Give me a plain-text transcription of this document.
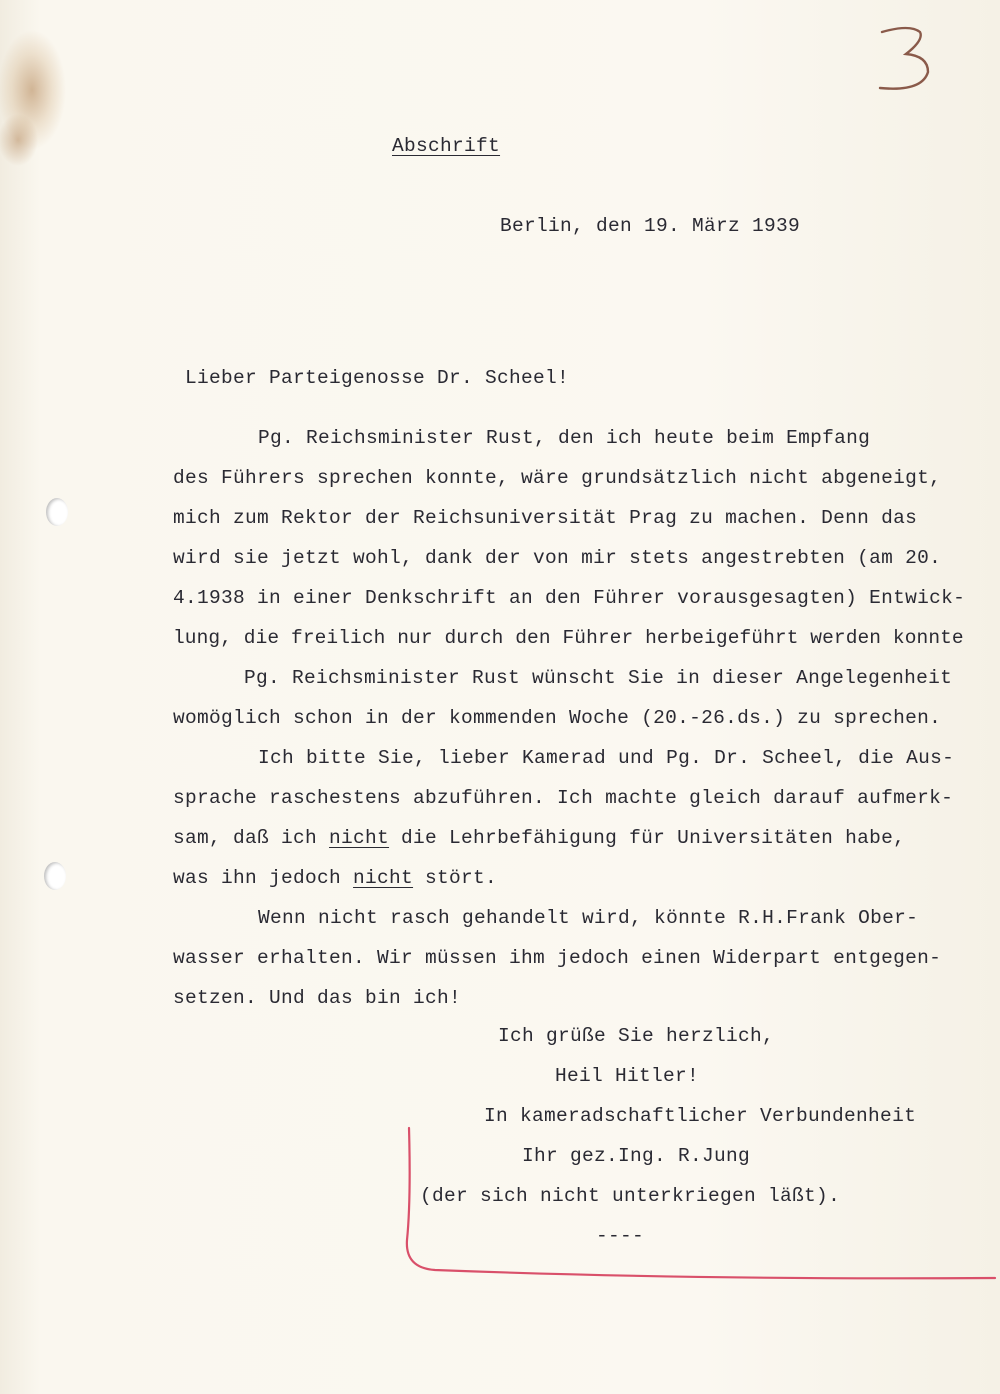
Abschrift

Berlin, den 19. März 1939

Lieber Parteigenosse Dr. Scheel!

Pg. Reichsminister Rust, den ich heute beim Empfang

des Führers sprechen konnte, wäre grundsätzlich nicht abgeneigt,

mich zum Rektor der Reichsuniversität Prag zu machen. Denn das

wird sie jetzt wohl, dank der von mir stets angestrebten (am 20.

4.1938 in einer Denkschrift an den Führer vorausgesagten) Entwick-

lung, die freilich nur durch den Führer herbeigeführt werden konnte

Pg. Reichsminister Rust wünscht Sie in dieser Angelegenheit

womöglich schon in der kommenden Woche (20.-26.ds.) zu sprechen.

Ich bitte Sie, lieber Kamerad und Pg. Dr. Scheel, die Aus-

sprache raschestens abzuführen. Ich machte gleich darauf aufmerk-

sam, daß ich nicht die Lehrbefähigung für Universitäten habe,

was ihn jedoch nicht stört.

Wenn nicht rasch gehandelt wird, könnte R.H.Frank Ober-

wasser erhalten. Wir müssen ihm jedoch einen Widerpart entgegen-

setzen. Und das bin ich!

Ich grüße Sie herzlich,

Heil Hitler!

In kameradschaftlicher Verbundenheit

Ihr gez.Ing. R.Jung

(der sich nicht unterkriegen läßt).

----
